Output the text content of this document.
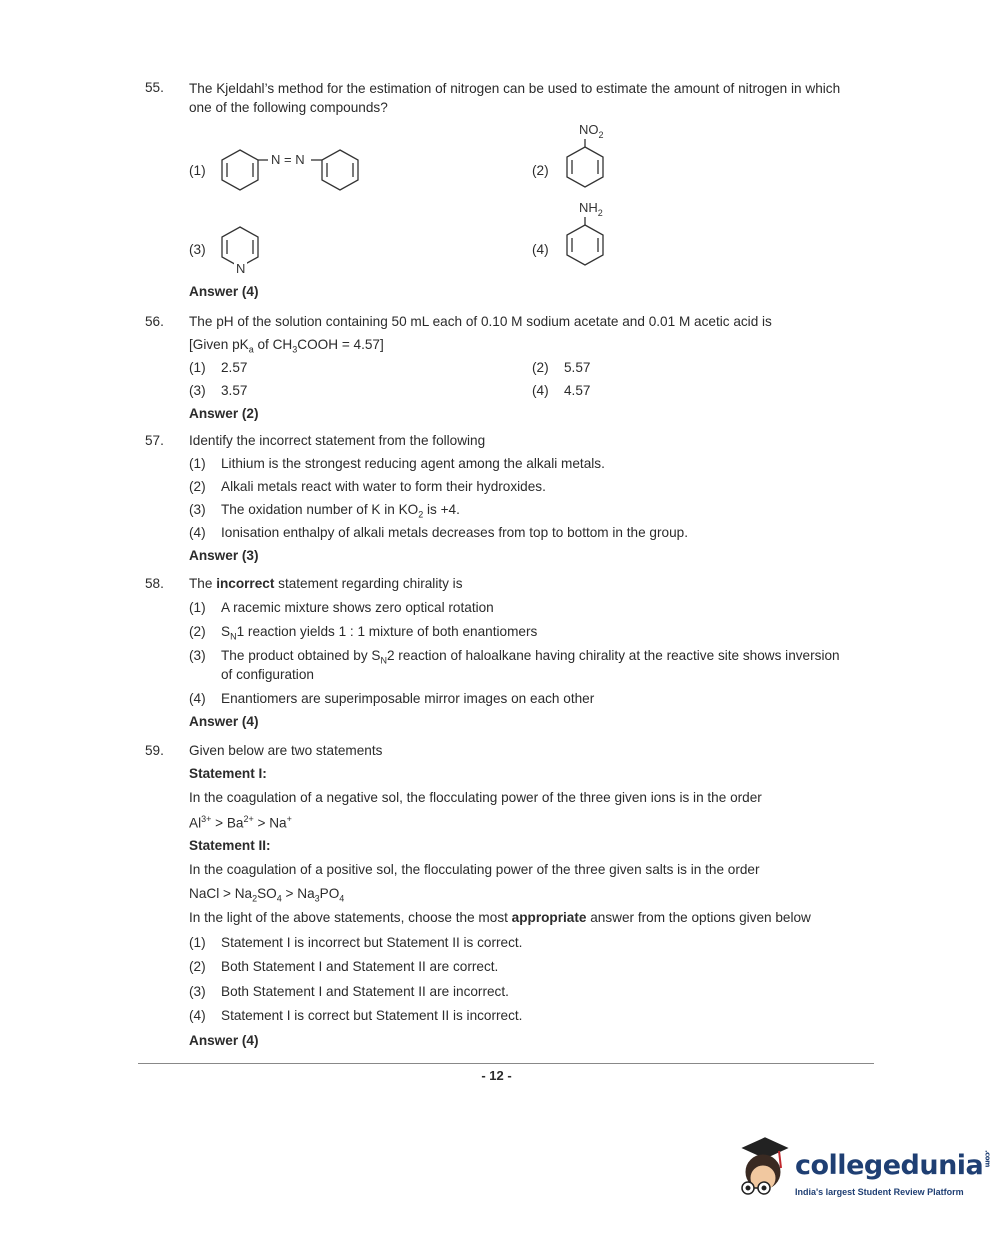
55. The Kjeldahl’s method for the estimation of nitrogen can be used to estimate the amount of nitrogen in which
one of the following compounds?
(1)
N = N
(2)
$NO_2$
(3)
N
(4)
$NH_2$
Answer (4)
56. The pH of the solution containing 50 mL each of 0.10 M sodium acetate and 0.01 M acetic acid is
[Given $pK_a$ of $CH_3COOH = 4.57$]
(1) 2.57	(2) 5.57
(3) 3.57	(4) 4.57
Answer (2)
57. Identify the incorrect statement from the following
(1) Lithium is the strongest reducing agent among the alkali metals.
(2) Alkali metals react with water to form their hydroxides.
(3) The oxidation number of K in $KO_2$ is +4.
(4) Ionisation enthalpy of alkali metals decreases from top to bottom in the group.
Answer (3)
58. The incorrect statement regarding chirality is
(1) A racemic mixture shows zero optical rotation
(2) $S_N1$ reaction yields 1 : 1 mixture of both enantiomers
(3) The product obtained by $S_N2$ reaction of haloalkane having chirality at the reactive site shows inversion
of configuration
(4) Enantiomers are superimposable mirror images on each other
Answer (4)
59. Given below are two statements
Statement I:
In the coagulation of a negative sol, the flocculating power of the three given ions is in the order
$Al^{3+} > Ba^{2+} > Na^+$
Statement II:
In the coagulation of a positive sol, the flocculating power of the three given salts is in the order
NaCl > $Na_2SO_4 > Na_3PO_4$
In the light of the above statements, choose the most appropriate answer from the options given below
(1) Statement I is incorrect but Statement II is correct.
(2) Both Statement I and Statement II are correct.
(3) Both Statement I and Statement II are incorrect.
(4) Statement I is correct but Statement II is incorrect.
Answer (4)
- 12 -
collegedunia.com
India's largest Student Review Platform
